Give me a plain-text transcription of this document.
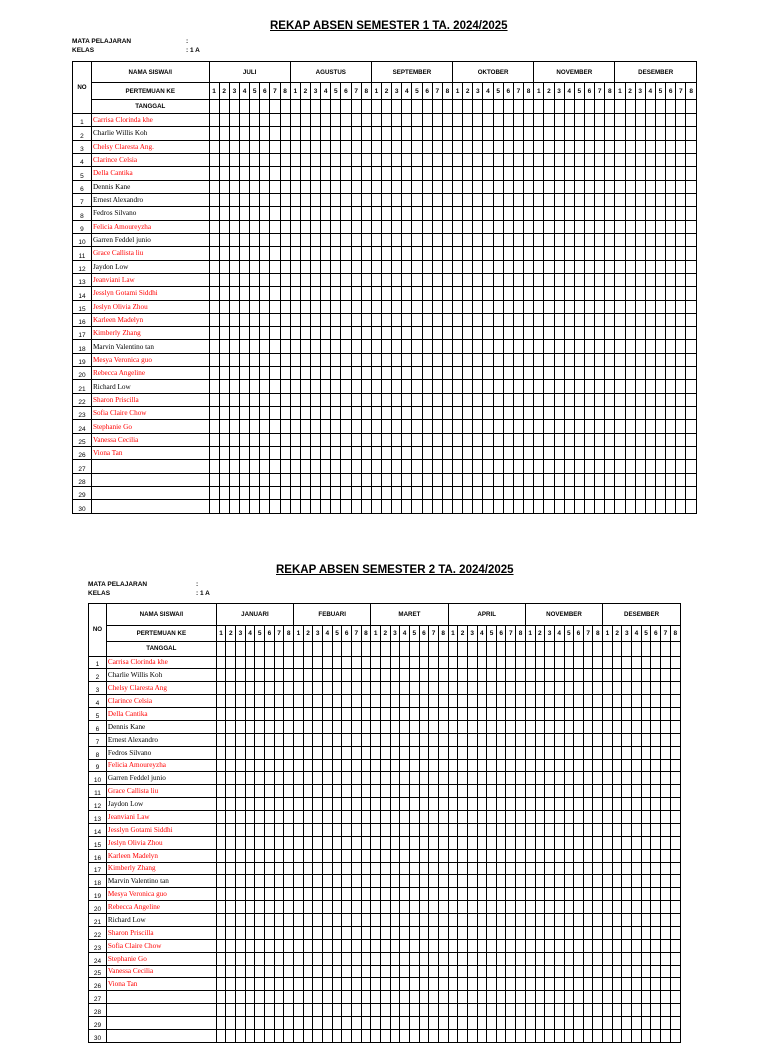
REKAP ABSEN SEMESTER 1 TA. 2024/2025
MATA PELAJARAN
KELAS
:
: 1 A
NO	NAMA SISWA/I	JULI								AGUSTUS								SEPTEMBER								OKTOBER								NOVEMBER								DESEMBER							
	PERTEMUAN KE	1	2	3	4	5	6	7	8	1	2	3	4	5	6	7	8	1	2	3	4	5	6	7	8	1	2	3	4	5	6	7	8	1	2	3	4	5	6	7	8	1	2	3	4	5	6	7	8
	TANGGAL																																																
1	Carrisa Clorinda khe																																																
2	Charlie Willis Koh																																																
3	Chelsy Claresta Ang.																																																
4	Clarince Celsia																																																
5	Della Cantika																																																
6	Dennis Kane																																																
7	Ernest Alexandro																																																
8	Fedros Silvano																																																
9	Felicia Amoureyzha																																																
10	Garren Feddel junio																																																
11	Grace Callista liu																																																
12	Jaydon Low																																																
13	Jeanviani Law																																																
14	Jesslyn Gotami Siddhi																																																
15	Jeslyn Olivia Zhou																																																
16	Karleen Madelyn																																																
17	Kimberly Zhang																																																
18	Marvin Valentino tan																																																
19	Mesya Veronica guo																																																
20	Rebecca Angeline																																																
21	Richard Low																																																
22	Sharon Priscilla																																																
23	Sofia Claire Chow																																																
24	Stephanie Go																																																
25	Vanessa Cecilia																																																
26	Viona Tan																																																
27																																																	
28																																																	
29																																																	
30																																																	
REKAP ABSEN SEMESTER 2 TA. 2024/2025
MATA PELAJARAN
KELAS
:
: 1 A
NO	NAMA SISWA/I	JANUARI								FEBUARI								MARET								APRIL								NOVEMBER								DESEMBER							
	PERTEMUAN KE	1	2	3	4	5	6	7	8	1	2	3	4	5	6	7	8	1	2	3	4	5	6	7	8	1	2	3	4	5	6	7	8	1	2	3	4	5	6	7	8	1	2	3	4	5	6	7	8
	TANGGAL																																																
1	Carrisa Clorinda khe																																																
2	Charlie Willis Koh																																																
3	Chelsy Claresta Ang																																																
4	Clarince Celsia																																																
5	Della Cantika																																																
6	Dennis Kane																																																
7	Ernest Alexandro																																																
8	Fedros Silvano																																																
9	Felicia Amoureyzha																																																
10	Garren Feddel junio																																																
11	Grace Callista liu																																																
12	Jaydon Low																																																
13	Jeanviani Law																																																
14	Jesslyn Gotami Siddhi																																																
15	Jeslyn Olivia Zhou																																																
16	Karleen Madelyn																																																
17	Kimberly Zhang																																																
18	Marvin Valentino tan																																																
19	Mesya Veronica guo																																																
20	Rebecca Angeline																																																
21	Richard Low																																																
22	Sharon Priscilla																																																
23	Sofia Claire Chow																																																
24	Stephanie Go																																																
25	Vanessa Cecilia																																																
26	Viona Tan																																																
27																																																	
28																																																	
29																																																	
30																																																	
